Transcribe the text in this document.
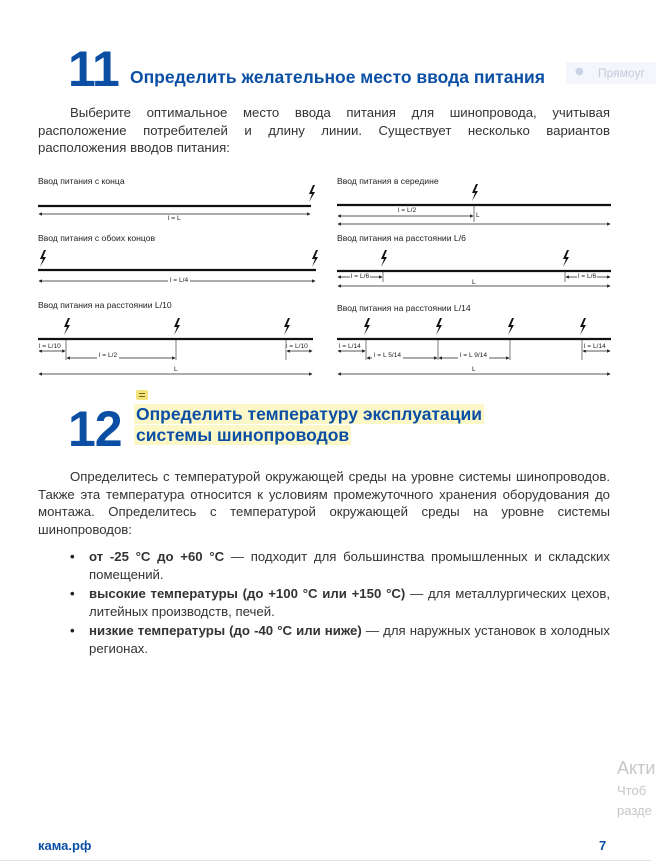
● Прямоуг
11 Определить желательное место ввода питания
Выберите оптимальное место ввода питания для шинопровода, учитывая расположение потребителей и длину линии. Существует несколько вариантов расположения вводов питания:
Ввод питания с конца	Ввод питания в середине
Ввод питания с обоих концов	Ввод питания на расстоянии L/6
Ввод питания на расстоянии L/10	Ввод питания на расстоянии L/14
l = L
l = L/2
L
l = L/4
l = L/6	l = L/6
L
l = L/10
l = L/2
l = L/10
L
l = L/14
l = L 5/14	l = L 9/14
l = L/14
L
12 Определить температуру эксплуатации
системы шинопроводов
Определитесь с температурой окружающей среды на уровне системы шинопроводов. Также эта температура относится к условиям промежуточного хранения оборудования до монтажа. Определитесь с температурой окружающей среды на уровне системы шинопроводов:
• от -25 °С до +60 °С — подходит для большинства промышленных и складских помещений.
• высокие температуры (до +100 °С или +150 °С) — для металлургических цехов, литейных производств, печей.
• низкие температуры (до -40 °С или ниже) — для наружных установок в холодных регионах.
Акти
Чтоб
разде
кама.рф	7
